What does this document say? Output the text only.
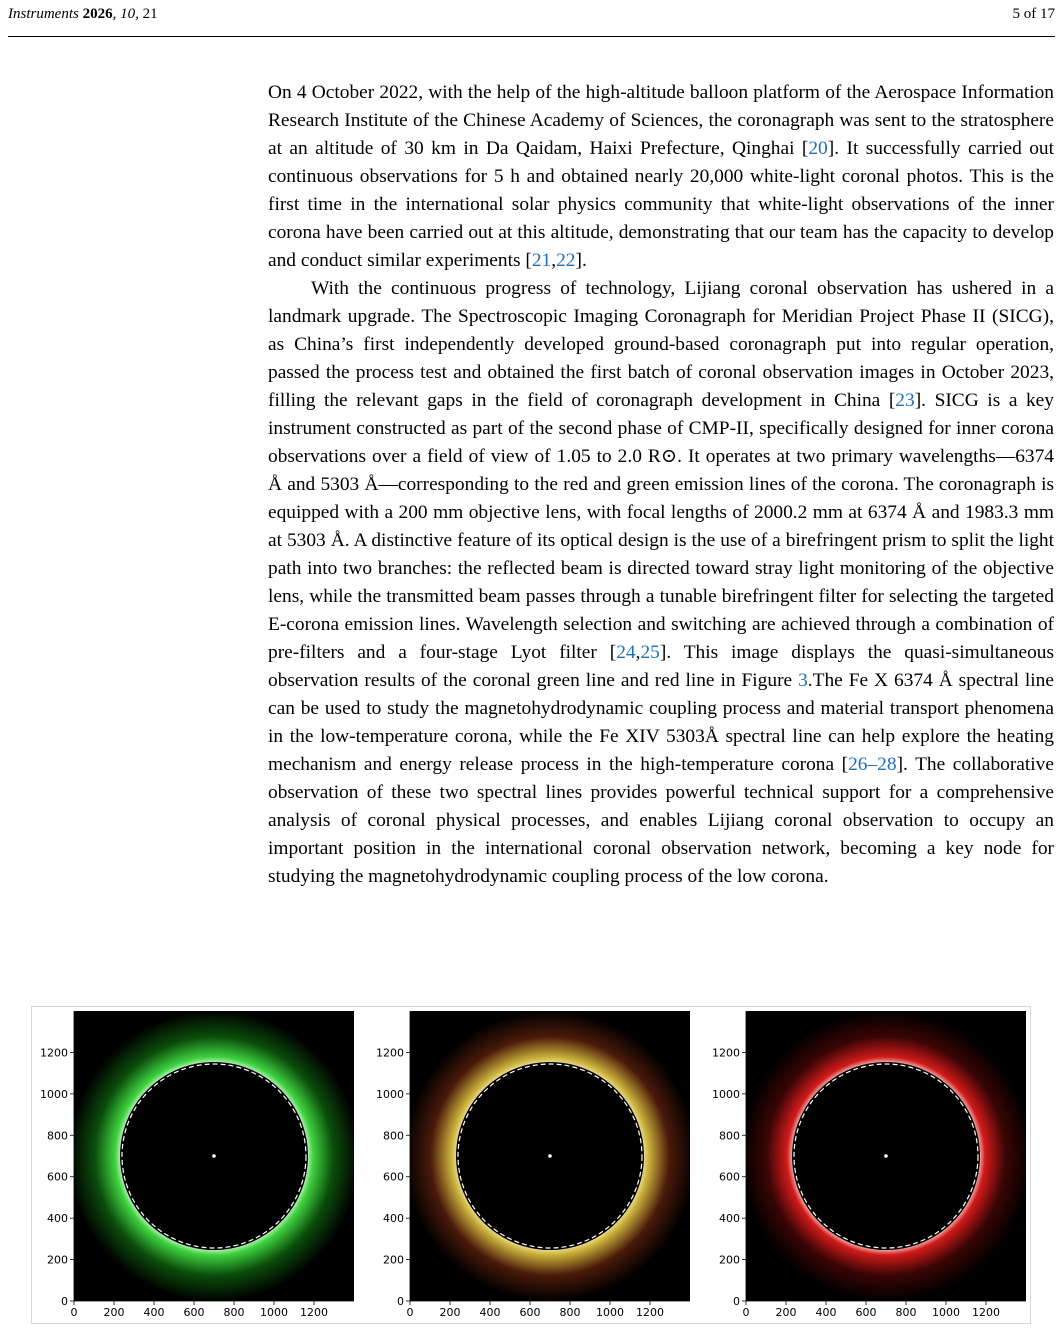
Instruments 2026, 10, 21	5 of 17

On 4 October 2022, with the help of the high-altitude balloon platform of the Aerospace Information Research Institute of the Chinese Academy of Sciences, the coronagraph was sent to the stratosphere at an altitude of 30 km in Da Qaidam, Haixi Prefecture, Qinghai [20]. It successfully carried out continuous observations for 5 h and obtained nearly 20,000 white-light coronal photos. This is the first time in the international solar physics community that white-light observations of the inner corona have been carried out at this altitude, demonstrating that our team has the capacity to develop and conduct similar experiments [21,22].

With the continuous progress of technology, Lijiang coronal observation has ushered in a landmark upgrade. The Spectroscopic Imaging Coronagraph for Meridian Project Phase II (SICG), as China’s first independently developed ground-based coronagraph put into regular operation, passed the process test and obtained the first batch of coronal observation images in October 2023, filling the relevant gaps in the field of coronagraph development in China [23]. SICG is a key instrument constructed as part of the second phase of CMP-II, specifically designed for inner corona observations over a field of view of 1.05 to 2.0 R⊙. It operates at two primary wavelengths—6374 Å and 5303 Å—corresponding to the red and green emission lines of the corona. The coronagraph is equipped with a 200 mm objective lens, with focal lengths of 2000.2 mm at 6374 Å and 1983.3 mm at 5303 Å. A distinctive feature of its optical design is the use of a birefringent prism to split the light path into two branches: the reflected beam is directed toward stray light monitoring of the objective lens, while the transmitted beam passes through a tunable birefringent filter for selecting the targeted E-corona emission lines. Wavelength selection and switching are achieved through a combination of pre-filters and a four-stage Lyot filter [24,25]. This image displays the quasi-simultaneous observation results of the coronal green line and red line in Figure 3.The Fe X 6374 Å spectral line can be used to study the magnetohydrodynamic coupling process and material transport phenomena in the low-temperature corona, while the Fe XIV 5303Å spectral line can help explore the heating mechanism and energy release process in the high-temperature corona [26–28]. The collaborative observation of these two spectral lines provides powerful technical support for a comprehensive analysis of coronal physical processes, and enables Lijiang coronal observation to occupy an important position in the international coronal observation network, becoming a key node for studying the magnetohydrodynamic coupling process of the low corona.

0
200
400
600
800
1000
1200
0 200 400 600 800 1000 1200
0
200
400
600
800
1000
1200
0 200 400 600 800 1000 1200
0
200
400
600
800
1000
1200
0 200 400 600 800 1000 1200
